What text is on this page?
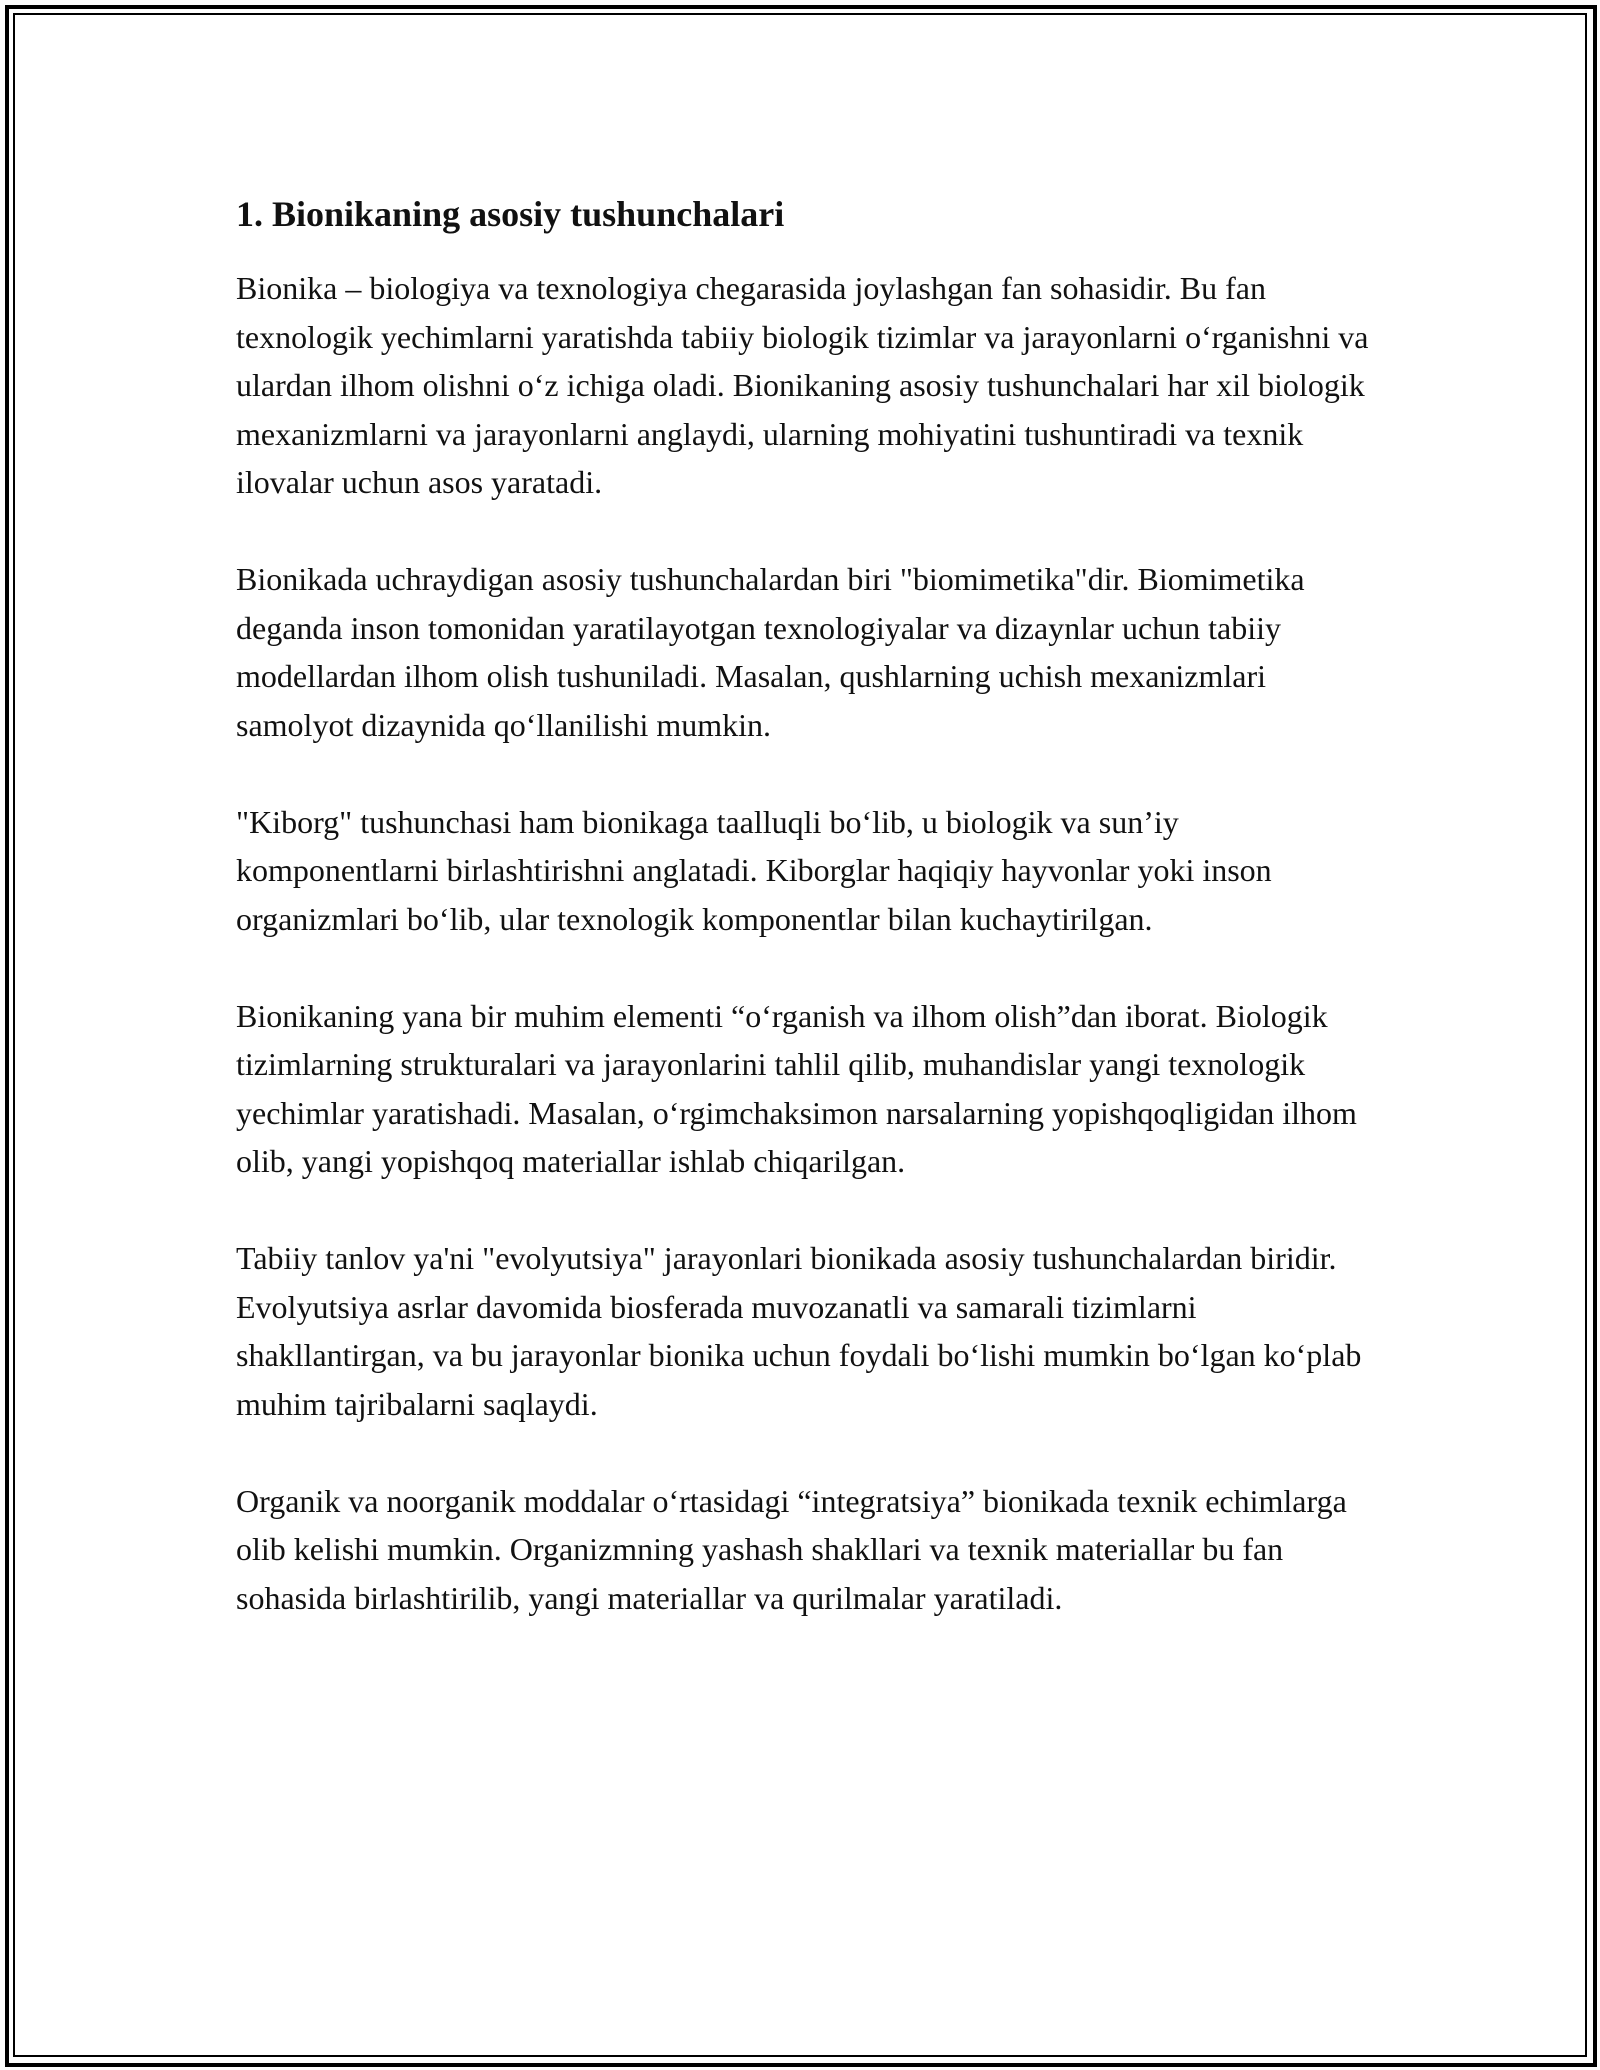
1. Bionikaning asosiy tushunchalari

Bionika – biologiya va texnologiya chegarasida joylashgan fan sohasidir. Bu fan texnologik yechimlarni yaratishda tabiiy biologik tizimlar va jarayonlarni o‘rganishni va ulardan ilhom olishni o‘z ichiga oladi. Bionikaning asosiy tushunchalari har xil biologik mexanizmlarni va jarayonlarni anglaydi, ularning mohiyatini tushuntiradi va texnik ilovalar uchun asos yaratadi.

Bionikada uchraydigan asosiy tushunchalardan biri "biomimetika"dir. Biomimetika deganda inson tomonidan yaratilayotgan texnologiyalar va dizaynlar uchun tabiiy modellardan ilhom olish tushuniladi. Masalan, qushlarning uchish mexanizmlari samolyot dizaynida qo‘llanilishi mumkin.

"Kiborg" tushunchasi ham bionikaga taalluqli bo‘lib, u biologik va sun’iy komponentlarni birlashtirishni anglatadi. Kiborglar haqiqiy hayvonlar yoki inson organizmlari bo‘lib, ular texnologik komponentlar bilan kuchaytirilgan.

Bionikaning yana bir muhim elementi “o‘rganish va ilhom olish”dan iborat. Biologik tizimlarning strukturalari va jarayonlarini tahlil qilib, muhandislar yangi texnologik yechimlar yaratishadi. Masalan, o‘rgimchaksimon narsalarning yopishqoqligidan ilhom olib, yangi yopishqoq materiallar ishlab chiqarilgan.

Tabiiy tanlov ya'ni "evolyutsiya" jarayonlari bionikada asosiy tushunchalardan biridir. Evolyutsiya asrlar davomida biosferada muvozanatli va samarali tizimlarni shakllantirgan, va bu jarayonlar bionika uchun foydali bo‘lishi mumkin bo‘lgan ko‘plab muhim tajribalarni saqlaydi.

Organik va noorganik moddalar o‘rtasidagi “integratsiya” bionikada texnik echimlarga olib kelishi mumkin. Organizmning yashash shakllari va texnik materiallar bu fan sohasida birlashtirilib, yangi materiallar va qurilmalar yaratiladi.
